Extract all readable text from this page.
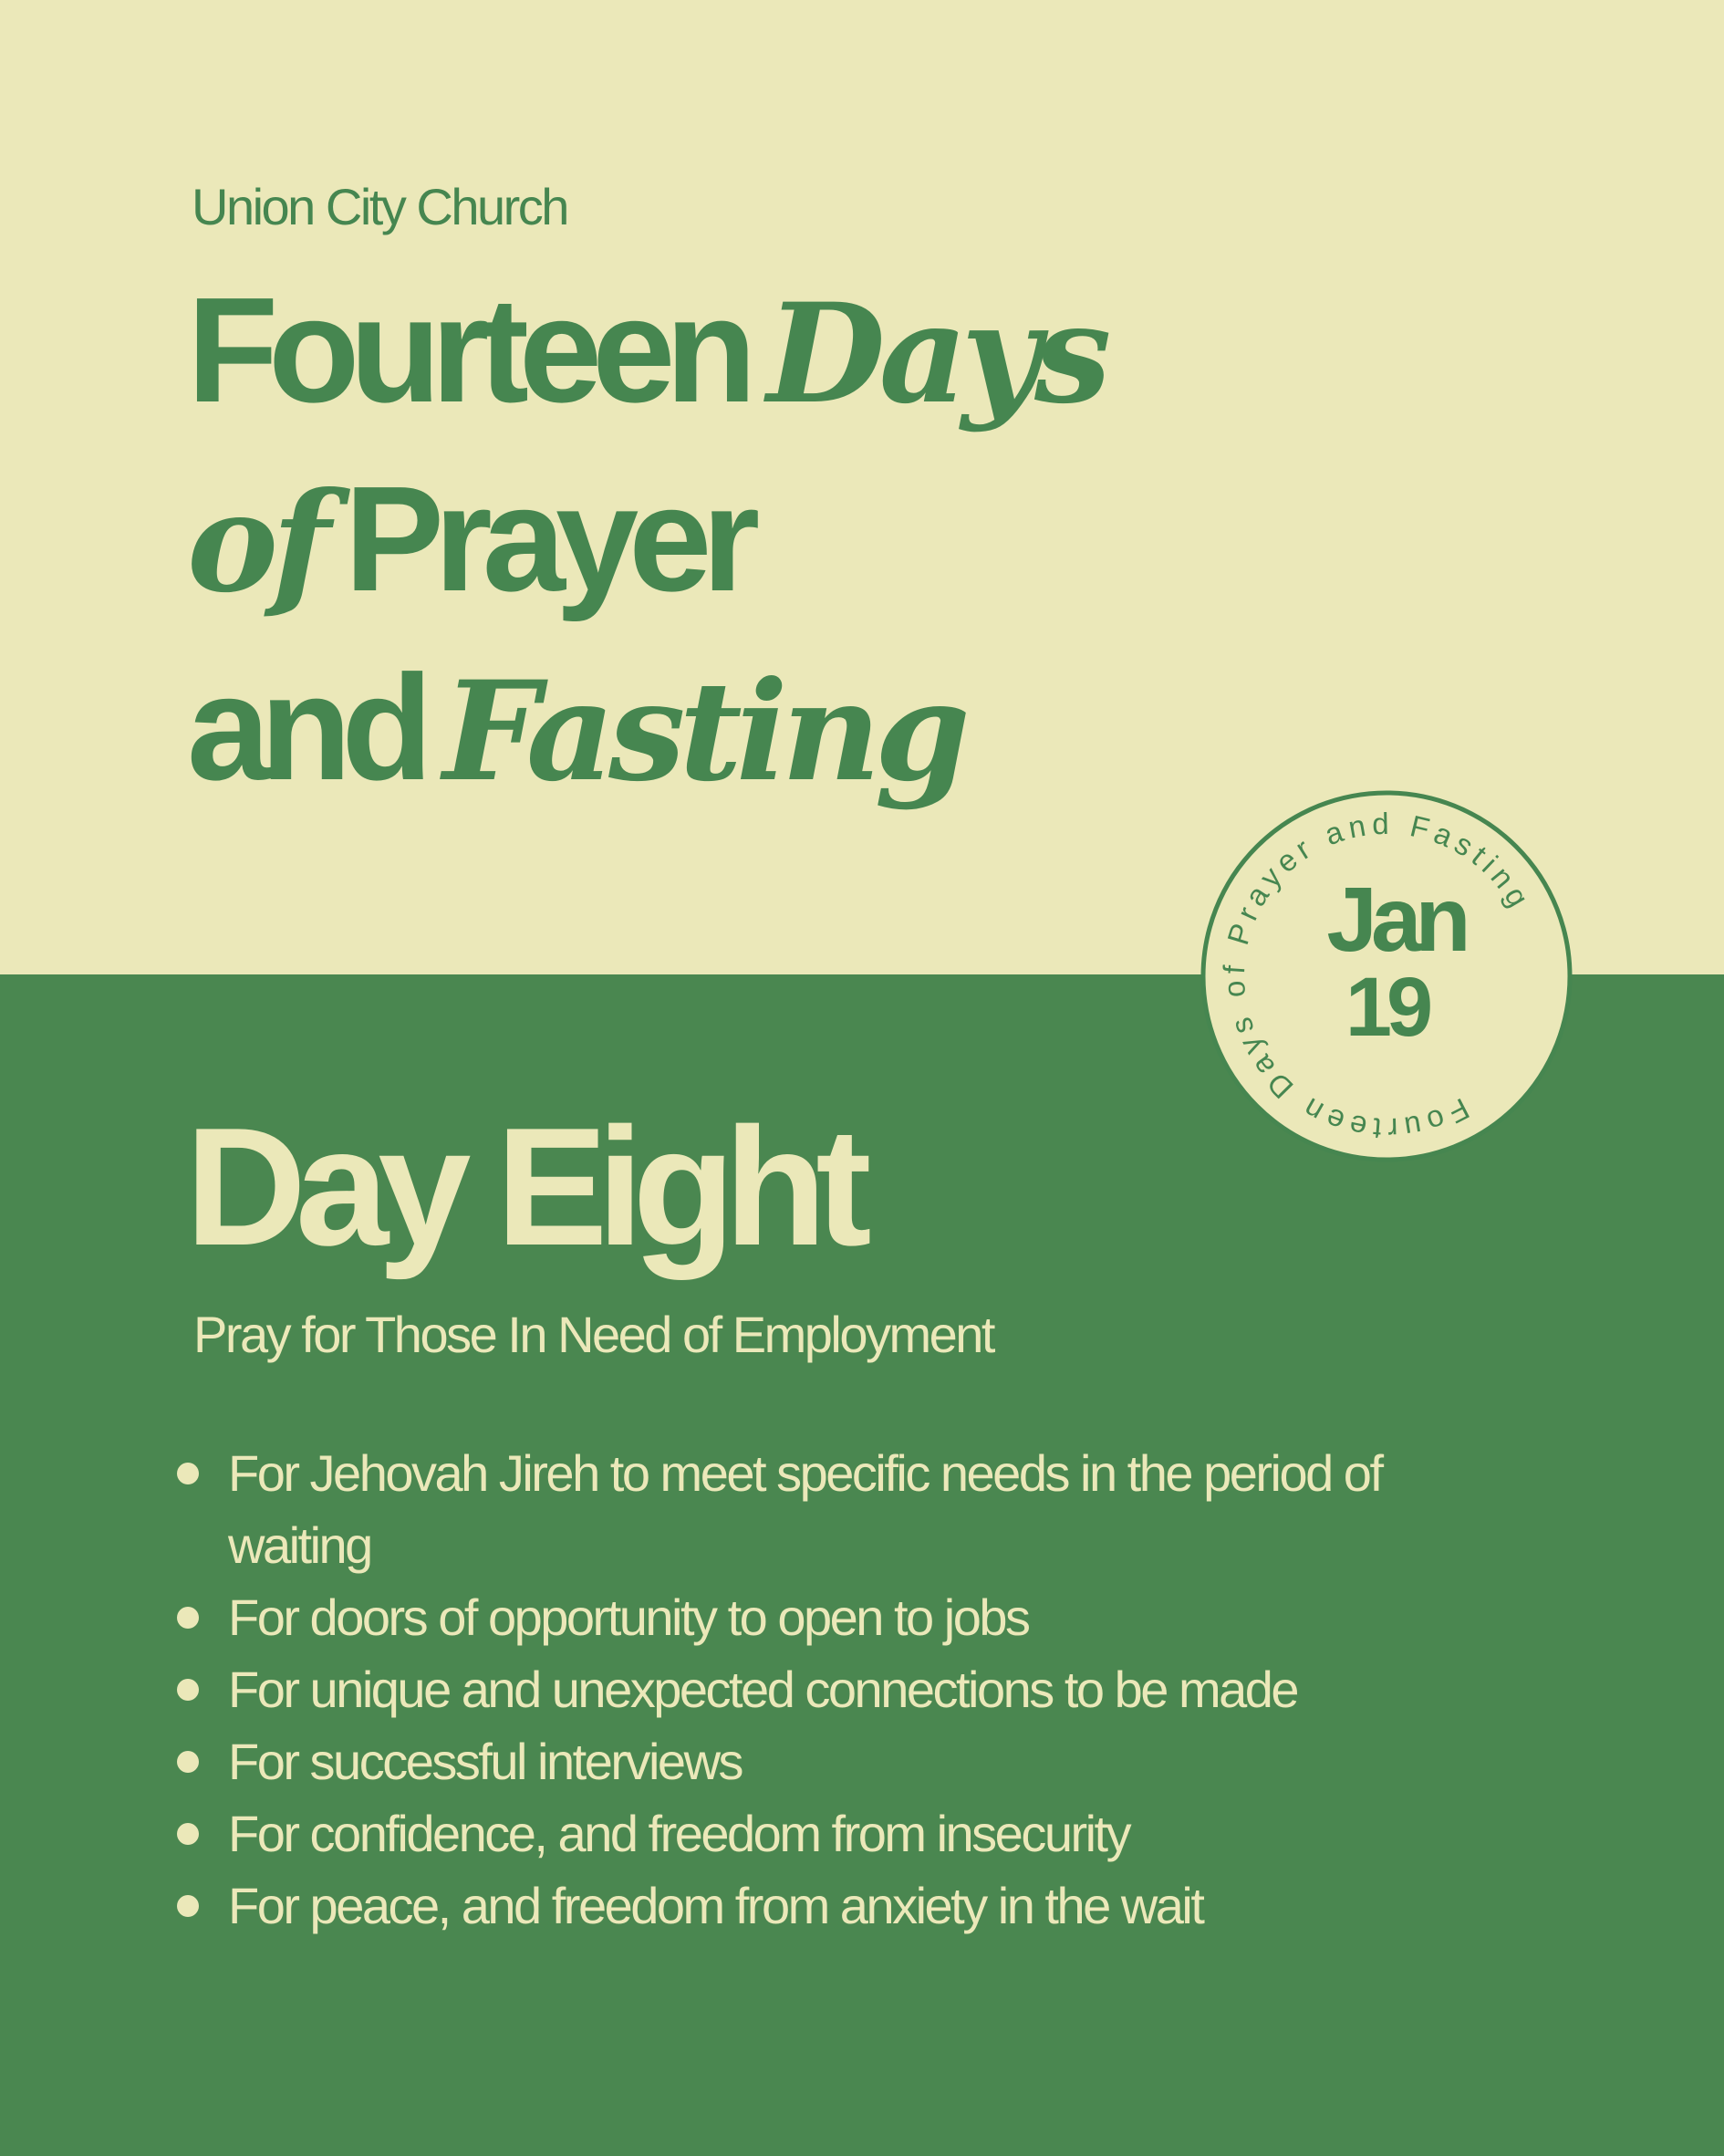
Union City Church

Fourteen Days
of Prayer
and Fasting
Fourteen Days of Prayer and Fasting
Jan
19
Day Eight

Pray for Those In Need of Employment

For Jehovah Jireh to meet specific needs in the period of waiting
For doors of opportunity to open to jobs
For unique and unexpected connections to be made
For successful interviews
For confidence, and freedom from insecurity
For peace, and freedom from anxiety in the wait
